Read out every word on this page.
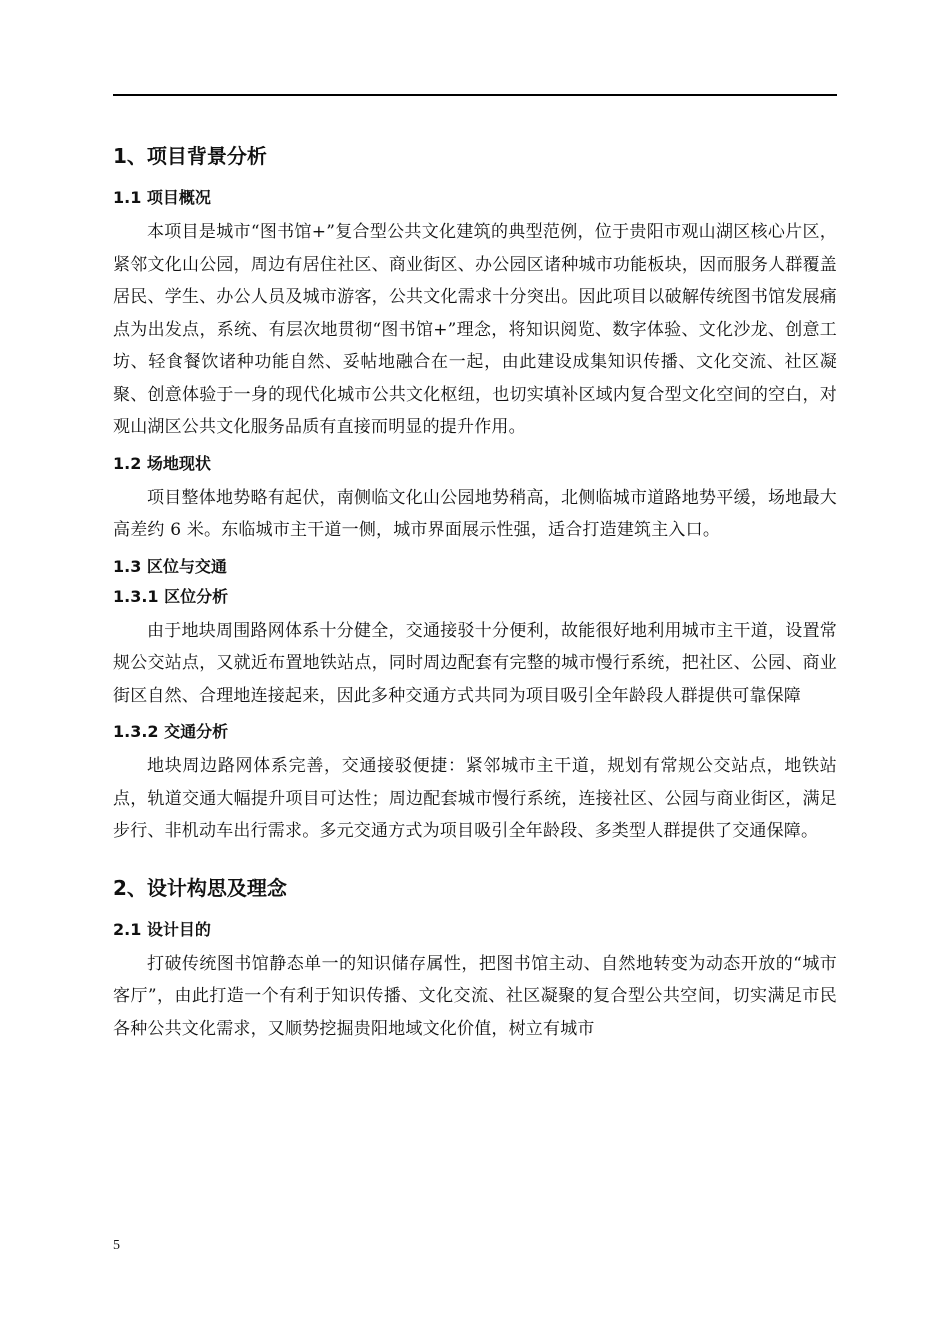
1、项目背景分析
1.1 项目概况
本项目是城市“图书馆+”复合型公共文化建筑的典型范例，位于贵阳市观山湖区核心片区，紧邻文化山公园，周边有居住社区、商业街区、办公园区诸种城市功能板块，因而服务人群覆盖居民、学生、办公人员及城市游客，公共文化需求十分突出。因此项目以破解传统图书馆发展痛点为出发点，系统、有层次地贯彻“图书馆+”理念，将知识阅览、数字体验、文化沙龙、创意工坊、轻食餐饮诸种功能自然、妥帖地融合在一起，由此建设成集知识传播、文化交流、社区凝聚、创意体验于一身的现代化城市公共文化枢纽，也切实填补区域内复合型文化空间的空白，对观山湖区公共文化服务品质有直接而明显的提升作用。
1.2 场地现状
项目整体地势略有起伏，南侧临文化山公园地势稍高，北侧临城市道路地势平缓，场地最大高差约 6 米。东临城市主干道一侧，城市界面展示性强，适合打造建筑主入口。
1.3 区位与交通
1.3.1 区位分析
由于地块周围路网体系十分健全，交通接驳十分便利，故能很好地利用城市主干道，设置常规公交站点，又就近布置地铁站点，同时周边配套有完整的城市慢行系统，把社区、公园、商业街区自然、合理地连接起来，因此多种交通方式共同为项目吸引全年龄段人群提供可靠保障
1.3.2 交通分析
地块周边路网体系完善，交通接驳便捷：紧邻城市主干道，规划有常规公交站点，地铁站点，轨道交通大幅提升项目可达性；周边配套城市慢行系统，连接社区、公园与商业街区，满足步行、非机动车出行需求。多元交通方式为项目吸引全年龄段、多类型人群提供了交通保障。
2、设计构思及理念
2.1 设计目的
打破传统图书馆静态单一的知识储存属性，把图书馆主动、自然地转变为动态开放的“城市客厅”，由此打造一个有利于知识传播、文化交流、社区凝聚的复合型公共空间，切实满足市民各种公共文化需求，又顺势挖掘贵阳地域文化价值，树立有城市
5
